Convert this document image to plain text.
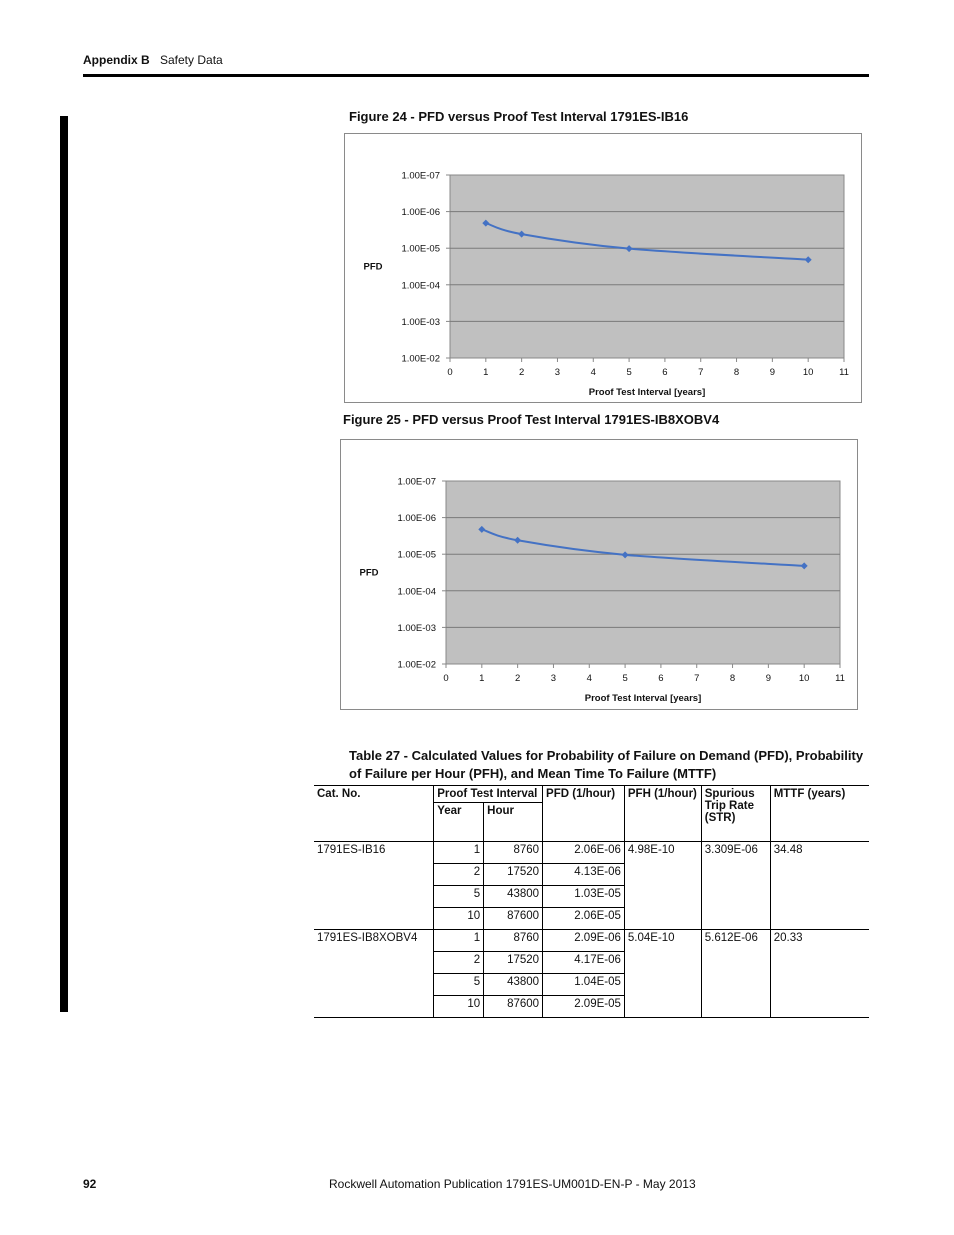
Appendix B Safety Data
Figure 24 - PFD versus Proof Test Interval 1791ES-IB16
1.00E-07
1.00E-06
1.00E-05
1.00E-04
1.00E-03
1.00E-02
0	1	2	3	4	5	6	7	8	9	10	11
PFD
Proof Test Interval [years]
Figure 25 - PFD versus Proof Test Interval 1791ES-IB8XOBV4
1.00E-07
1.00E-06
1.00E-05
1.00E-04
1.00E-03
1.00E-02
0	1	2	3	4	5	6	7	8	9	10	11
PFD
Proof Test Interval [years]
Table 27 - Calculated Values for Probability of Failure on Demand (PFD), Probability of Failure per Hour (PFH), and Mean Time To Failure (MTTF)
Cat. No.	Proof Test Interval		PFD (1/hour)	PFH (1/hour)	Spurious Trip Rate (STR)	MTTF (years)
	Year	Hour				
1791ES-IB16	1	8760	2.06E-06	4.98E-10	3.309E-06	34.48
	2	17520	4.13E-06			
	5	43800	1.03E-05			
	10	87600	2.06E-05			
1791ES-IB8XOBV4	1	8760	2.09E-06	5.04E-10	5.612E-06	20.33
	2	17520	4.17E-06			
	5	43800	1.04E-05			
	10	87600	2.09E-05			
92	Rockwell Automation Publication 1791ES-UM001D-EN-P - May 2013
